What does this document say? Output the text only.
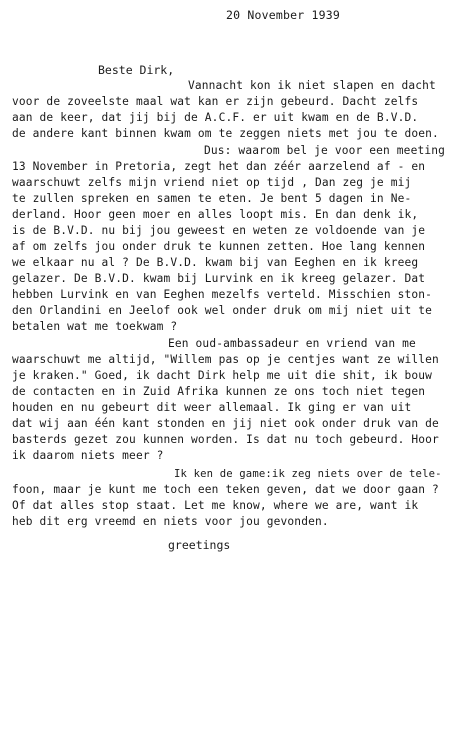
20 November 1939
Beste Dirk,
Vannacht kon ik niet slapen en dacht
voor de zoveelste maal wat kan er zijn gebeurd. Dacht zelfs
aan de keer, dat jij bij de A.C.F. er uit kwam en de B.V.D.
de andere kant binnen kwam om te zeggen niets met jou te doen.
Dus: waarom bel je voor een meeting
13 November in Pretoria, zegt het dan zéér aarzelend af - en
waarschuwt zelfs mijn vriend niet op tijd , Dan zeg je mij
te zullen spreken en samen te eten. Je bent 5 dagen in Ne-
derland. Hoor geen moer en alles loopt mis. En dan denk ik,
is de B.V.D. nu bij jou geweest en weten ze voldoende van je
af om zelfs jou onder druk te kunnen zetten. Hoe lang kennen
we elkaar nu al ? De B.V.D. kwam bij van Eeghen en ik kreeg
gelazer. De B.V.D. kwam bij Lurvink en ik kreeg gelazer. Dat
hebben Lurvink en van Eeghen mezelfs verteld. Misschien ston-
den Orlandini en Jeelof ook wel onder druk om mij niet uit te
betalen wat me toekwam ?
Een oud-ambassadeur en vriend van me
waarschuwt me altijd, "Willem pas op je centjes want ze willen
je kraken." Goed, ik dacht Dirk help me uit die shit, ik bouw
de contacten en in Zuid Afrika kunnen ze ons toch niet tegen
houden en nu gebeurt dit weer allemaal. Ik ging er van uit
dat wij aan één kant stonden en jij niet ook onder druk van de
basterds gezet zou kunnen worden. Is dat nu toch gebeurd. Hoor
ik daarom niets meer ?
Ik ken de game:ik zeg niets over de tele-
foon, maar je kunt me toch een teken geven, dat we door gaan ?
Of dat alles stop staat. Let me know, where we are, want ik
heb dit erg vreemd en niets voor jou gevonden.
greetings
